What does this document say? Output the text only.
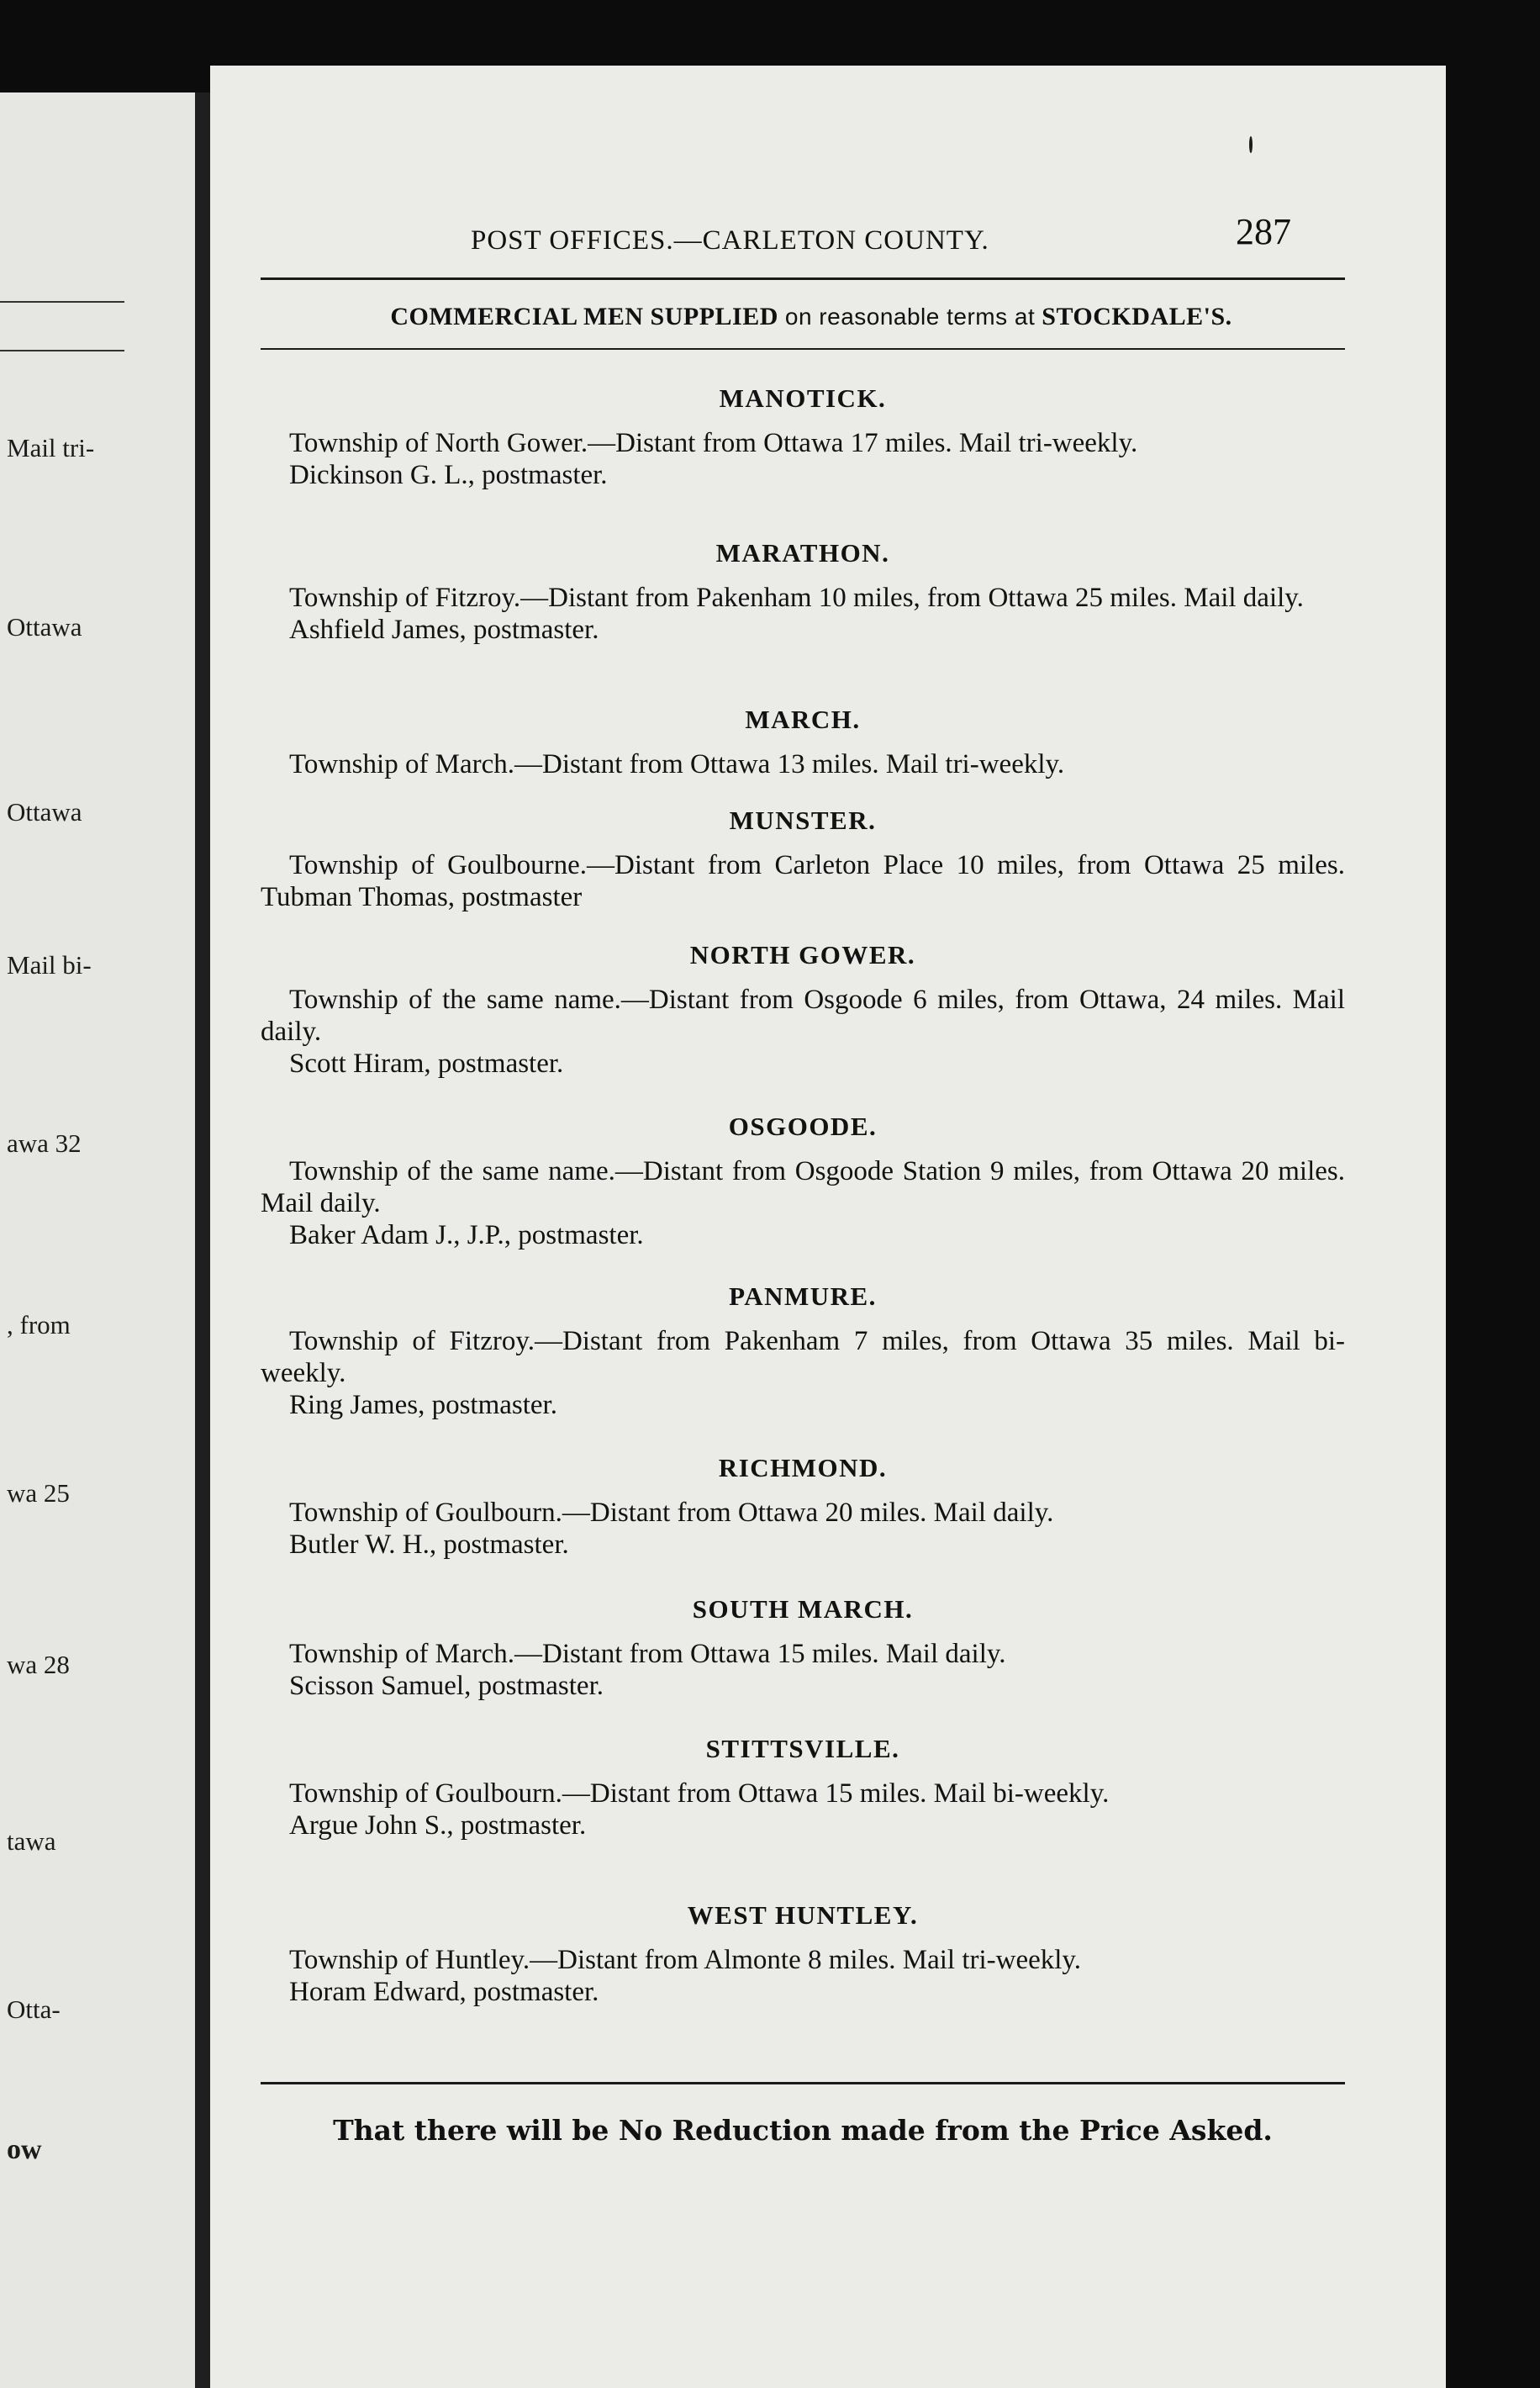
Mail tri-
Ottawa
Ottawa
Mail bi-
awa 32
, from
wa 25
wa 28
tawa
Otta-
ow
POST OFFICES.—CARLETON COUNTY.	287
COMMERCIAL MEN SUPPLIED on reasonable terms at STOCKDALE'S.
MANOTICK.
Township of North Gower.—Distant from Ottawa 17 miles. Mail tri-weekly.
Dickinson G. L., postmaster.
MARATHON.
Township of Fitzroy.—Distant from Pakenham 10 miles, from Ottawa 25 miles. Mail daily.
Ashfield James, postmaster.
MARCH.
Township of March.—Distant from Ottawa 13 miles. Mail tri-weekly.
MUNSTER.
Township of Goulbourne.—Distant from Carleton Place 10 miles, from Ottawa 25 miles. Tubman Thomas, postmaster
NORTH GOWER.
Township of the same name.—Distant from Osgoode 6 miles, from Ottawa, 24 miles. Mail daily.
Scott Hiram, postmaster.
OSGOODE.
Township of the same name.—Distant from Osgoode Station 9 miles, from Ottawa 20 miles. Mail daily.
Baker Adam J., J.P., postmaster.
PANMURE.
Township of Fitzroy.—Distant from Pakenham 7 miles, from Ottawa 35 miles. Mail bi-weekly.
Ring James, postmaster.
RICHMOND.
Township of Goulbourn.—Distant from Ottawa 20 miles. Mail daily.
Butler W. H., postmaster.
SOUTH MARCH.
Township of March.—Distant from Ottawa 15 miles. Mail daily.
Scisson Samuel, postmaster.
STITTSVILLE.
Township of Goulbourn.—Distant from Ottawa 15 miles. Mail bi-weekly.
Argue John S., postmaster.
WEST HUNTLEY.
Township of Huntley.—Distant from Almonte 8 miles. Mail tri-weekly.
Horam Edward, postmaster.
That there will be No Reduction made from the Price Asked.
